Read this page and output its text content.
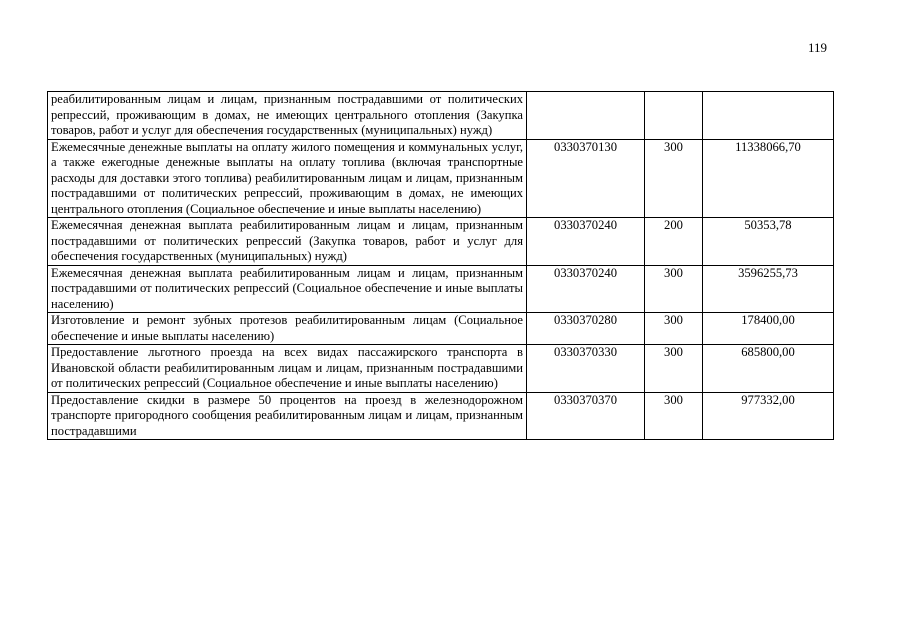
119
реабилитированным лицам и лицам, признанным пострадавшими от политических репрессий, проживающим в домах, не имеющих центрального отопления (Закупка товаров, работ и услуг для обеспечения государственных (муниципальных) нужд)			
Ежемесячные денежные выплаты на оплату жилого помещения и коммунальных услуг, а также ежегодные денежные выплаты на оплату топлива (включая транспортные расходы для доставки этого топлива) реабилитированным лицам и лицам, признанным пострадавшими от политических репрессий, проживающим в домах, не имеющих центрального отопления (Социальное обеспечение и иные выплаты населению)	0330370130	300	11338066,70
Ежемесячная денежная выплата реабилитированным лицам и лицам, признанным пострадавшими от политических репрессий (Закупка товаров, работ и услуг для обеспечения государственных (муниципальных) нужд)	0330370240	200	50353,78
Ежемесячная денежная выплата реабилитированным лицам и лицам, признанным пострадавшими от политических репрессий (Социальное обеспечение и иные выплаты населению)	0330370240	300	3596255,73
Изготовление и ремонт зубных протезов реабилитированным лицам (Социальное обеспечение и иные выплаты населению)	0330370280	300	178400,00
Предоставление льготного проезда на всех видах пассажирского транспорта в Ивановской области реабилитированным лицам и лицам, признанным пострадавшими от политических репрессий (Социальное обеспечение и иные выплаты населению)	0330370330	300	685800,00
Предоставление скидки в размере 50 процентов на проезд в железнодорожном транспорте пригородного сообщения реабилитированным лицам и лицам, признанным пострадавшими	0330370370	300	977332,00
